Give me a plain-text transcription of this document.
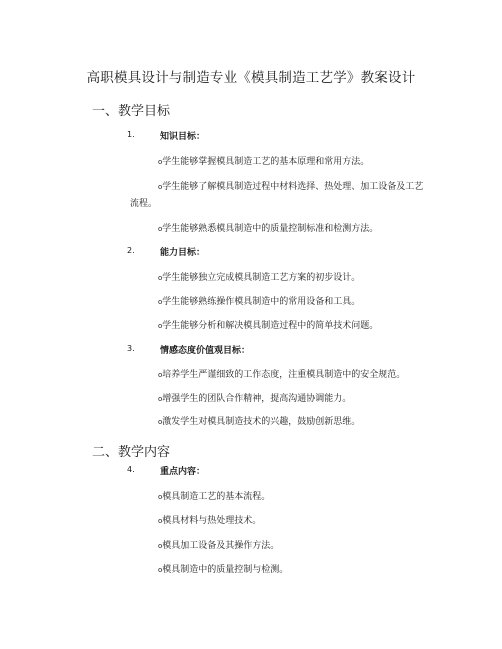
高职模具设计与制造专业《模具制造工艺学》教案设计
一、教学目标
1.	知识目标：
o学生能够掌握模具制造工艺的基本原理和常用方法。
o学生能够了解模具制造过程中材料选择、热处理、加工设备及工艺
流程。
o学生能够熟悉模具制造中的质量控制标准和检测方法。
2.	能力目标：
o学生能够独立完成模具制造工艺方案的初步设计。
o学生能够熟练操作模具制造中的常用设备和工具。
o学生能够分析和解决模具制造过程中的简单技术问题。
3.	情感态度价值观目标：
o培养学生严谨细致的工作态度，注重模具制造中的安全规范。
o增强学生的团队合作精神，提高沟通协调能力。
o激发学生对模具制造技术的兴趣，鼓励创新思维。
二、教学内容
4.	重点内容：
o模具制造工艺的基本流程。
o模具材料与热处理技术。
o模具加工设备及其操作方法。
o模具制造中的质量控制与检测。
